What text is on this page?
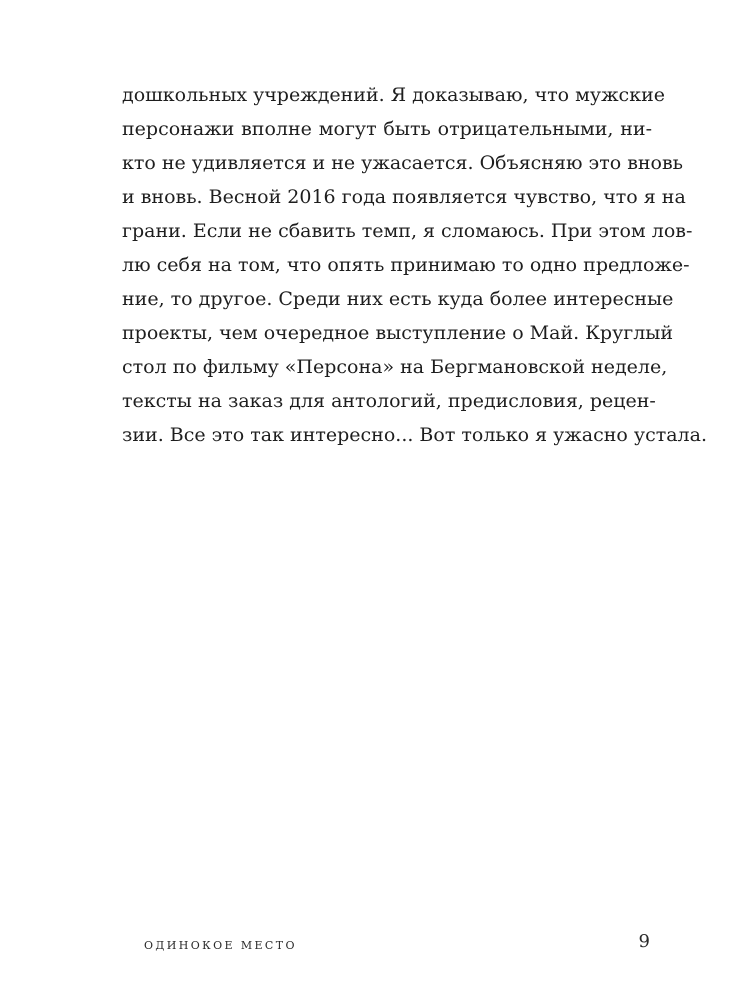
дошкольных учреждений. Я доказываю, что мужские
персонажи вполне могут быть отрицательными, ни-
кто не удивляется и не ужасается. Объясняю это вновь
и вновь. Весной 2016 года появляется чувство, что я на
грани. Если не сбавить темп, я сломаюсь. При этом лов-
лю себя на том, что опять принимаю то одно предложе-
ние, то другое. Среди них есть куда более интересные
проекты, чем очередное выступление о Май. Круглый
стол по фильму «Персона» на Бергмановской неделе,
тексты на заказ для антологий, предисловия, рецен-
зии. Все это так интересно... Вот только я ужасно устала.
ОДИНОКОЕ МЕСТО	9
